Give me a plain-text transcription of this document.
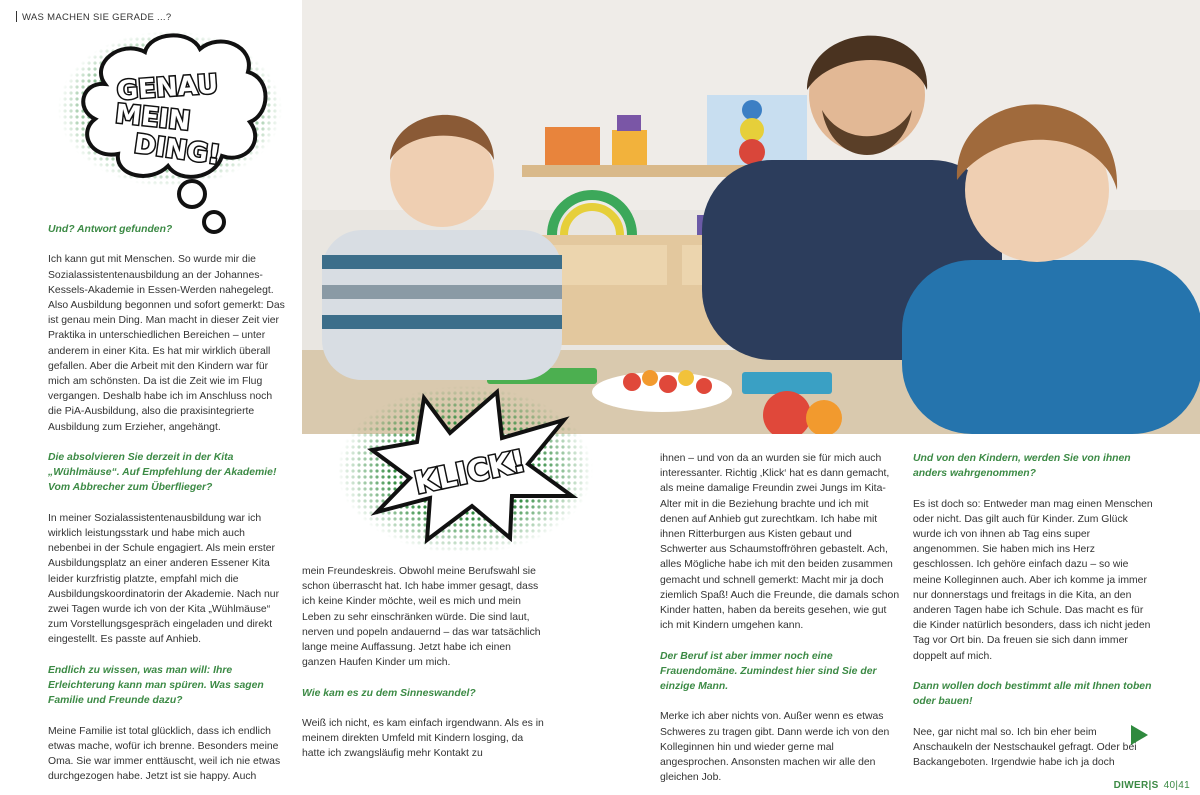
WAS MACHEN SIE GERADE ...?
GENAU
MEIN
DING!
KLICK!

Und? Antwort gefunden?

Ich kann gut mit Menschen. So wurde mir die Sozialassistentenausbildung an der Johannes-Kessels-Akademie in Essen-Werden nahegelegt. Also Ausbildung begonnen und sofort gemerkt: Das ist genau mein Ding. Man macht in dieser Zeit vier Praktika in unterschiedlichen Bereichen – unter anderem in einer Kita. Es hat mir wirklich überall gefallen. Aber die Arbeit mit den Kindern war für mich am schönsten. Da ist die Zeit wie im Flug vergangen. Deshalb habe ich im Anschluss noch die PiA-Ausbildung, also die praxisintegrierte Ausbildung zum Erzieher, angehängt.

Die absolvieren Sie derzeit in der Kita „Wühlmäuse“. Auf Empfehlung der Akademie! Vom Abbrecher zum Überflieger?

In meiner Sozialassistentenausbildung war ich wirklich leistungsstark und habe mich auch nebenbei in der Schule engagiert. Als mein erster Ausbildungsplatz an einer anderen Essener Kita leider kurzfristig platzte, empfahl mich die Ausbildungskoordinatorin der Akademie. Nach nur zwei Tagen wurde ich von der Kita „Wühlmäuse“ zum Vorstellungsgespräch eingeladen und direkt eingestellt. Es passte auf Anhieb.

Endlich zu wissen, was man will: Ihre Erleichterung kann man spüren. Was sagen Familie und Freunde dazu?

Meine Familie ist total glücklich, dass ich endlich etwas mache, wofür ich brenne. Besonders meine Oma. Sie war immer enttäuscht, weil ich nie etwas durchgezogen habe. Jetzt ist sie happy. Auch

mein Freundeskreis. Obwohl meine Berufswahl sie schon überrascht hat. Ich habe immer gesagt, dass ich keine Kinder möchte, weil es mich und mein Leben zu sehr einschränken würde. Die sind laut, nerven und popeln andauernd – das war tatsächlich lange meine Auffassung. Jetzt habe ich einen ganzen Haufen Kinder um mich.

Wie kam es zu dem Sinneswandel?

Weiß ich nicht, es kam einfach irgendwann. Als es in meinem direkten Umfeld mit Kindern losging, da hatte ich zwangsläufig mehr Kontakt zu

ihnen – und von da an wurden sie für mich auch interessanter. Richtig ‚Klick‘ hat es dann gemacht, als meine damalige Freundin zwei Jungs im Kita-Alter mit in die Beziehung brachte und ich mit denen auf Anhieb gut zurechtkam. Ich habe mit ihnen Ritterburgen aus Kisten gebaut und Schwerter aus Schaumstoffröhren gebastelt. Ach, alles Mögliche habe ich mit den beiden zusammen gemacht und schnell gemerkt: Macht mir ja doch ziemlich Spaß! Auch die Freunde, die damals schon Kinder hatten, haben da bereits gesehen, wie gut ich mit Kindern umgehen kann.

Der Beruf ist aber immer noch eine Frauendomäne. Zumindest hier sind Sie der einzige Mann.

Merke ich aber nichts von. Außer wenn es etwas Schweres zu tragen gibt. Dann werde ich von den Kolleginnen hin und wieder gerne mal angesprochen. Ansonsten machen wir alle den gleichen Job.

Und von den Kindern, werden Sie von ihnen anders wahrgenommen?

Es ist doch so: Entweder man mag einen Menschen oder nicht. Das gilt auch für Kinder. Zum Glück wurde ich von ihnen ab Tag eins super angenommen. Sie haben mich ins Herz geschlossen. Ich gehöre einfach dazu – so wie meine Kolleginnen auch. Aber ich komme ja immer nur donnerstags und freitags in die Kita, an den anderen Tagen habe ich Schule. Das macht es für die Kinder natürlich besonders, dass ich nicht jeden Tag vor Ort bin. Da freuen sie sich dann immer doppelt auf mich.

Dann wollen doch bestimmt alle mit Ihnen toben oder bauen!

Nee, gar nicht mal so. Ich bin eher beim Anschaukeln der Nestschaukel gefragt. Oder bei Backangeboten. Irgendwie habe ich ja doch

DIWER|S 40|41
